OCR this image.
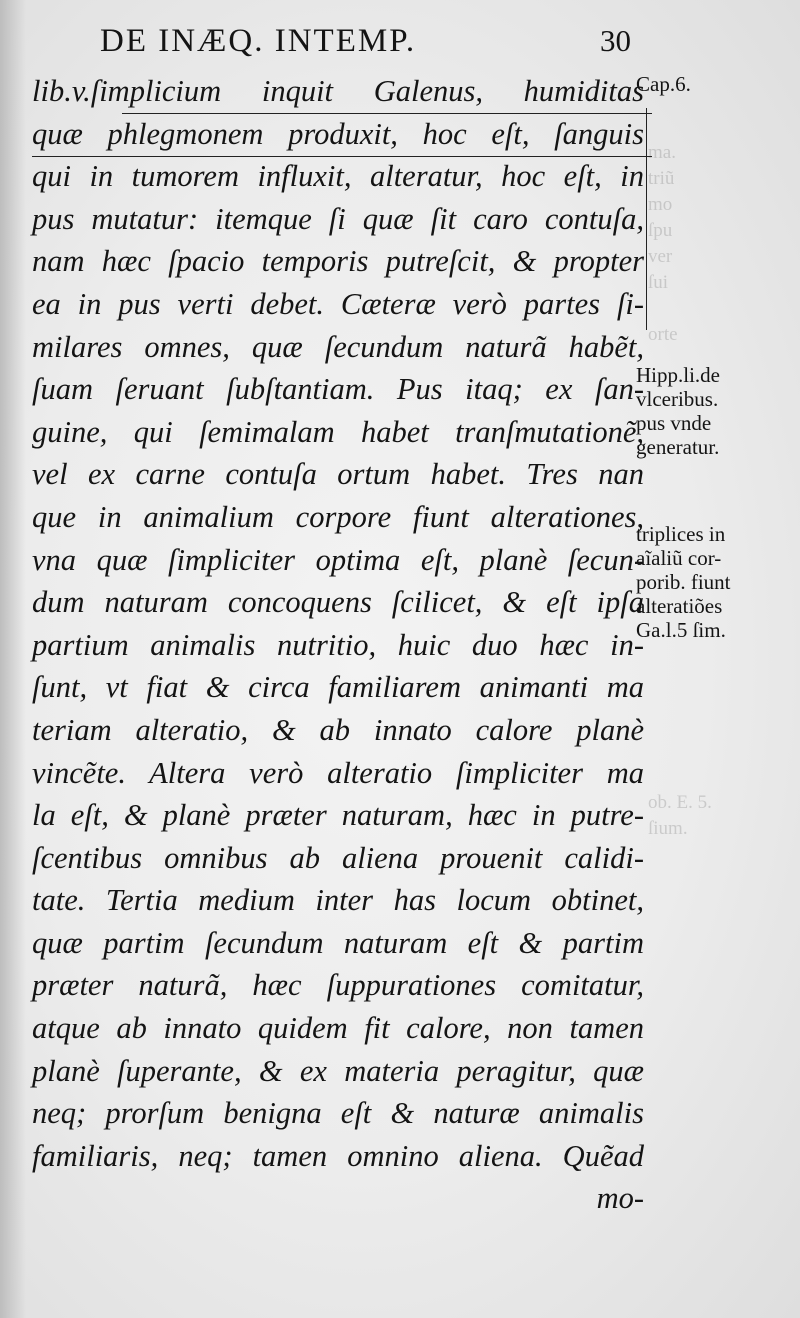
ma.
triũ
mo
ſpu
ver
ſui

orte
ob. E. 5.
ſium.
DE INÆQ. INTEMP.	30
lib.v.ſimplicium inquit Galenus, humiditas
quæ phlegmonem produxit, hoc eſt, ſanguis
qui in tumorem influxit, alteratur, hoc eſt, in
pus mutatur: itemque ſi quæ ſit caro contuſa,
nam hæc ſpacio temporis putreſcit, & propter
ea in pus verti debet. Cæteræ verò partes ſi-
milares omnes, quæ ſecundum naturã habẽt,
ſuam ſeruant ſubſtantiam. Pus itaq; ex ſan-
guine, qui ſemimalam habet tranſmutationẽ,
vel ex carne contuſa ortum habet. Tres nan
que in animalium corpore fiunt alterationes,
vna quæ ſimpliciter optima eſt, planè ſecun-
dum naturam concoquens ſcilicet, & eſt ipſa
partium animalis nutritio, huic duo hæc in-
ſunt, vt fiat & circa familiarem animanti ma
teriam alteratio, & ab innato calore planè
vincẽte. Altera verò alteratio ſimpliciter ma
la eſt, & planè præter naturam, hæc in putre-
ſcentibus omnibus ab aliena prouenit calidi-
tate. Tertia medium inter has locum obtinet,
quæ partim ſecundum naturam eſt & partim
præter naturã, hæc ſuppurationes comitatur,
atque ab innato quidem fit calore, non tamen
planè ſuperante, & ex materia peragitur, quæ
neq; prorſum benigna eſt & naturæ animalis
familiaris, neq; tamen omnino aliena. Quẽad
mo-
Cap.6.
Hipp.li.de
vlceribus.
pus vnde
generatur.
triplices in
aĩaliũ cor-
porib. fiunt
alteratiões
Ga.l.5 ſim.
